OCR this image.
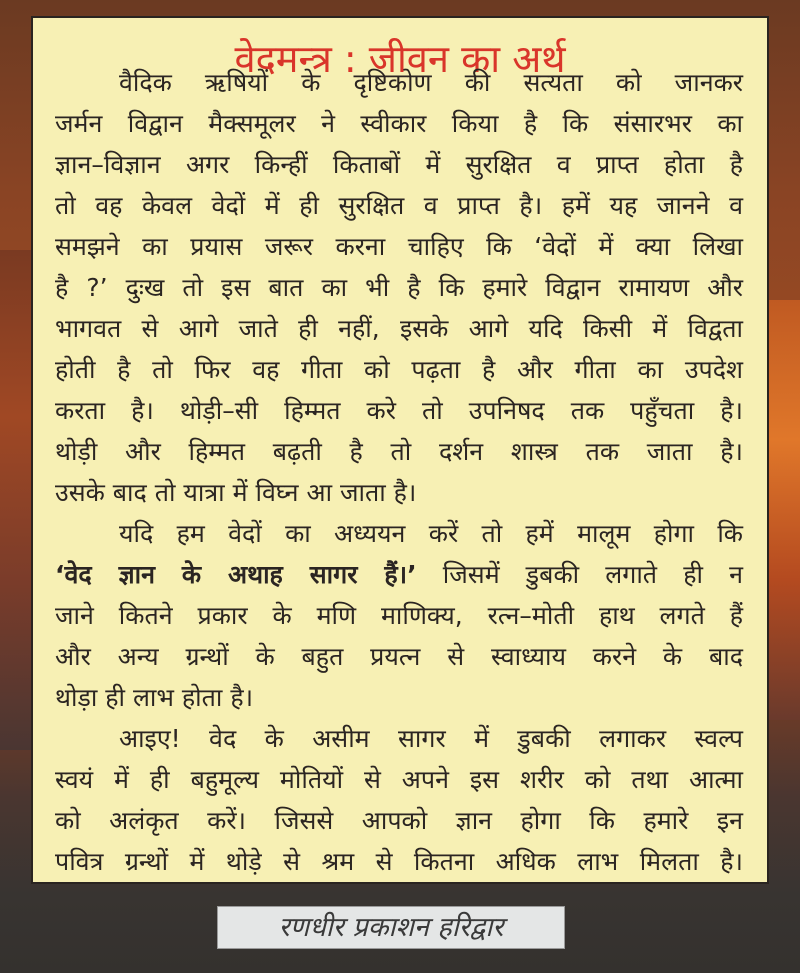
वेदमन्त्र : जीवन का अर्थ
वैदिक ऋषियों के दृष्टिकोण की सत्यता को जानकर
जर्मन विद्वान मैक्समूलर ने स्वीकार किया है कि संसारभर का
ज्ञान–विज्ञान अगर किन्हीं किताबों में सुरक्षित व प्राप्त होता है
तो वह केवल वेदों में ही सुरक्षित व प्राप्त है। हमें यह जानने व
समझने का प्रयास जरूर करना चाहिए कि ‘वेदों में क्या लिखा
है ?’ दुःख तो इस बात का भी है कि हमारे विद्वान रामायण और
भागवत से आगे जाते ही नहीं, इसके आगे यदि किसी में विद्वता
होती है तो फिर वह गीता को पढ़ता है और गीता का उपदेश
करता है। थोड़ी–सी हिम्मत करे तो उपनिषद तक पहुँचता है।
थोड़ी और हिम्मत बढ़ती है तो दर्शन शास्त्र तक जाता है।
उसके बाद तो यात्रा में विघ्न आ जाता है।
यदि हम वेदों का अध्ययन करें तो हमें मालूम होगा कि
‘वेद ज्ञान के अथाह सागर हैं।’ जिसमें डुबकी लगाते ही न
जाने कितने प्रकार के मणि माणिक्य, रत्न–मोती हाथ लगते हैं
और अन्य ग्रन्थों के बहुत प्रयत्न से स्वाध्याय करने के बाद
थोड़ा ही लाभ होता है।
आइए! वेद के असीम सागर में डुबकी लगाकर स्वल्प
स्वयं में ही बहुमूल्य मोतियों से अपने इस शरीर को तथा आत्मा
को अलंकृत करें। जिससे आपको ज्ञान होगा कि हमारे इन
पवित्र ग्रन्थों में थोड़े से श्रम से कितना अधिक लाभ मिलता है।
रणधीर प्रकाशन हरिद्वार
